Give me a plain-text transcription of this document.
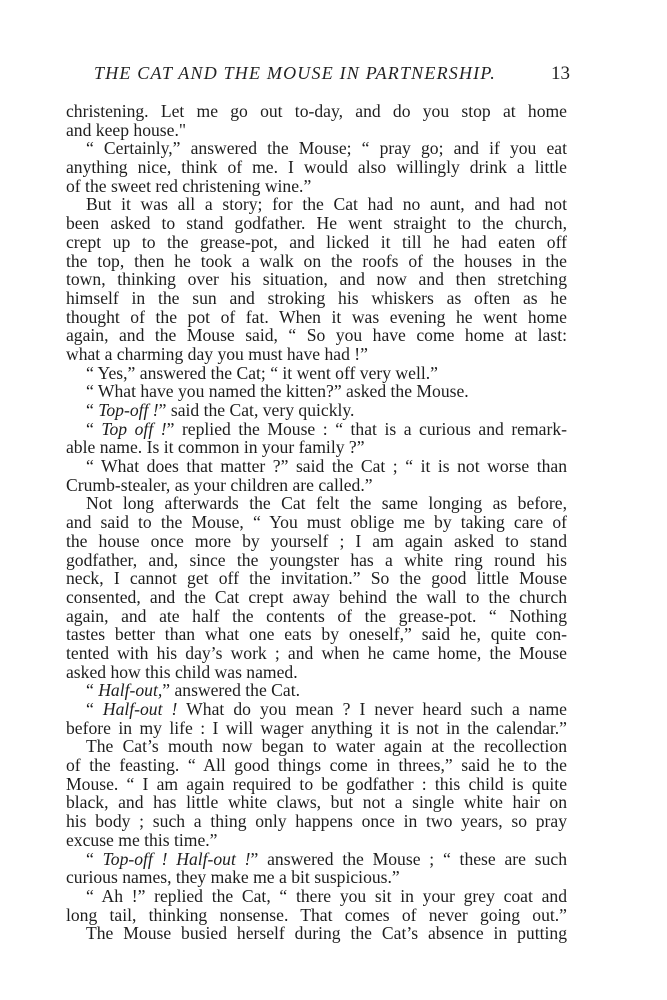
THE CAT AND THE MOUSE IN PARTNERSHIP.	13
christening. Let me go out to-day, and do you stop at home
and keep house."
“ Certainly,” answered the Mouse; “ pray go; and if you eat
anything nice, think of me. I would also willingly drink a little
of the sweet red christening wine.”
But it was all a story; for the Cat had no aunt, and had not
been asked to stand godfather. He went straight to the church,
crept up to the grease-pot, and licked it till he had eaten off
the top, then he took a walk on the roofs of the houses in the
town, thinking over his situation, and now and then stretching
himself in the sun and stroking his whiskers as often as he
thought of the pot of fat. When it was evening he went home
again, and the Mouse said, “ So you have come home at last:
what a charming day you must have had !”
“ Yes,” answered the Cat; “ it went off very well.”
“ What have you named the kitten?” asked the Mouse.
“ Top-off !” said the Cat, very quickly.
“ Top off !” replied the Mouse : “ that is a curious and remark-
able name. Is it common in your family ?”
“ What does that matter ?” said the Cat ; “ it is not worse than
Crumb-stealer, as your children are called.”
Not long afterwards the Cat felt the same longing as before,
and said to the Mouse, “ You must oblige me by taking care of
the house once more by yourself ; I am again asked to stand
godfather, and, since the youngster has a white ring round his
neck, I cannot get off the invitation.” So the good little Mouse
consented, and the Cat crept away behind the wall to the church
again, and ate half the contents of the grease-pot. “ Nothing
tastes better than what one eats by oneself,” said he, quite con-
tented with his day’s work ; and when he came home, the Mouse
asked how this child was named.
“ Half-out,” answered the Cat.
“ Half-out ! What do you mean ? I never heard such a name
before in my life : I will wager anything it is not in the calendar.”
The Cat’s mouth now began to water again at the recollection
of the feasting. “ All good things come in threes,” said he to the
Mouse. “ I am again required to be godfather : this child is quite
black, and has little white claws, but not a single white hair on
his body ; such a thing only happens once in two years, so pray
excuse me this time.”
“ Top-off ! Half-out !” answered the Mouse ; “ these are such
curious names, they make me a bit suspicious.”
“ Ah !” replied the Cat, “ there you sit in your grey coat and
long tail, thinking nonsense. That comes of never going out.”
The Mouse busied herself during the Cat’s absence in putting
